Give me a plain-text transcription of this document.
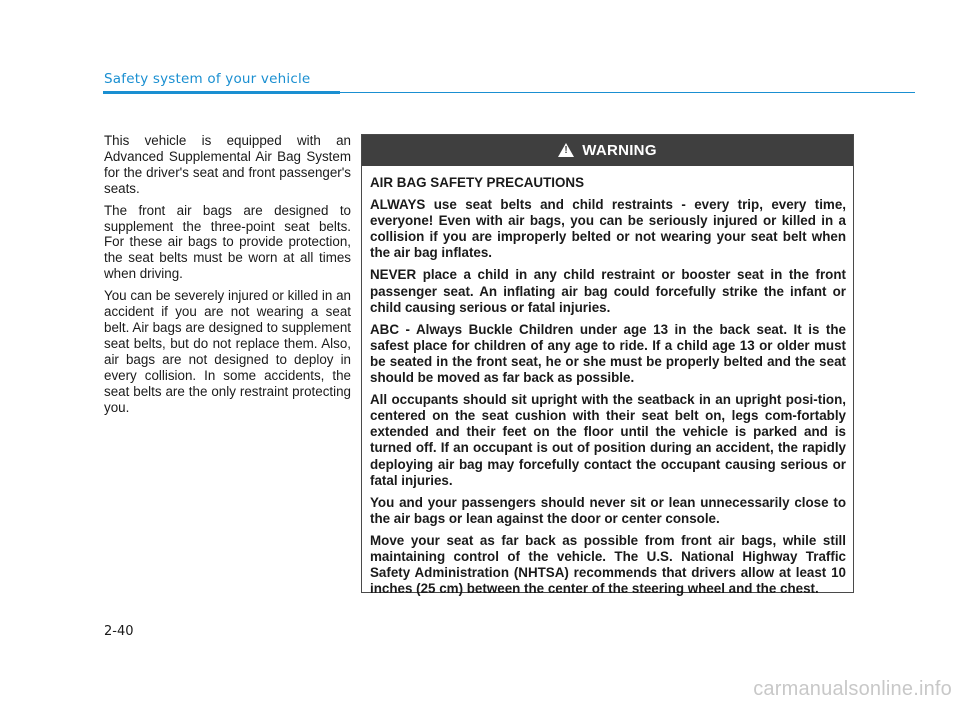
Safety system of your vehicle

This vehicle is equipped with an Advanced Supplemental Air Bag System for the driver's seat and front passenger's seats.

The front air bags are designed to supplement the three-point seat belts. For these air bags to provide protection, the seat belts must be worn at all times when driving.

You can be severely injured or killed in an accident if you are not wearing a seat belt. Air bags are designed to supplement seat belts, but do not replace them. Also, air bags are not designed to deploy in every collision. In some accidents, the seat belts are the only restraint protecting you.

! WARNING

AIR BAG SAFETY PRECAUTIONS

ALWAYS use seat belts and child restraints - every trip, every time, everyone! Even with air bags, you can be seriously injured or killed in a collision if you are improperly belted or not wearing your seat belt when the air bag inflates.

NEVER place a child in any child restraint or booster seat in the front passenger seat. An inflating air bag could forcefully strike the infant or child causing serious or fatal injuries.

ABC - Always Buckle Children under age 13 in the back seat. It is the safest place for children of any age to ride. If a child age 13 or older must be seated in the front seat, he or she must be properly belted and the seat should be moved as far back as possible.

All occupants should sit upright with the seatback in an upright posi-tion, centered on the seat cushion with their seat belt on, legs com-fortably extended and their feet on the floor until the vehicle is parked and is turned off. If an occupant is out of position during an accident, the rapidly deploying air bag may forcefully contact the occupant causing serious or fatal injuries.

You and your passengers should never sit or lean unnecessarily close to the air bags or lean against the door or center console.

Move your seat as far back as possible from front air bags, while still maintaining control of the vehicle. The U.S. National Highway Traffic Safety Administration (NHTSA) recommends that drivers allow at least 10 inches (25 cm) between the center of the steering wheel and the chest.

2-40
carmanualsonline.info
